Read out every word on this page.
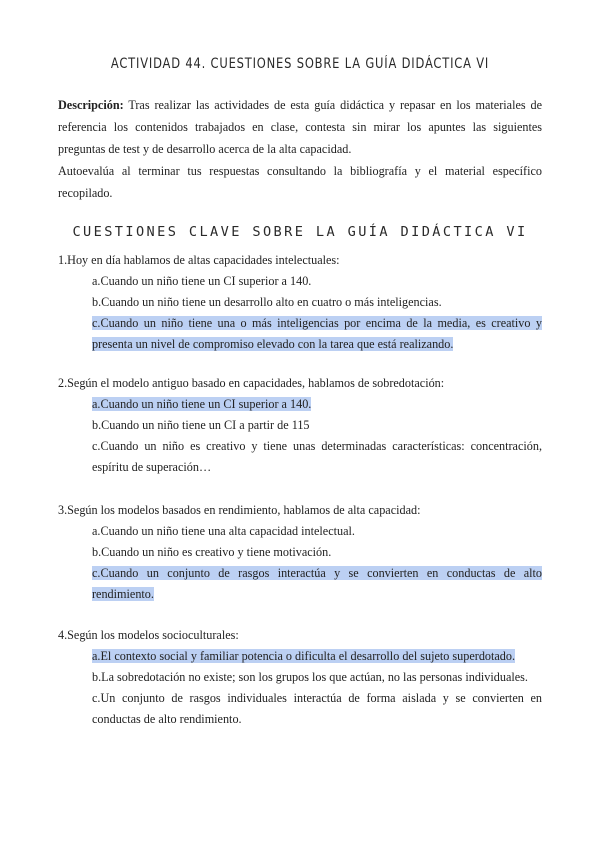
ACTIVIDAD 44. CUESTIONES SOBRE LA GUÍA DIDÁCTICA VI

Descripción: Tras realizar las actividades de esta guía didáctica y repasar en los materiales de referencia los contenidos trabajados en clase, contesta sin mirar los apuntes las siguientes preguntas de test y de desarrollo acerca de la alta capacidad.

Autoevalúa al terminar tus respuestas consultando la bibliografía y el material específico recopilado.

CUESTIONES CLAVE SOBRE LA GUÍA DIDÁCTICA VI

1.Hoy en día hablamos de altas capacidades intelectuales:

a.Cuando un niño tiene un CI superior a 140.

b.Cuando un niño tiene un desarrollo alto en cuatro o más inteligencias.

c.Cuando un niño tiene una o más inteligencias por encima de la media, es creativo y presenta un nivel de compromiso elevado con la tarea que está realizando.

2.Según el modelo antiguo basado en capacidades, hablamos de sobredotación:

a.Cuando un niño tiene un CI superior a 140.

b.Cuando un niño tiene un CI a partir de 115

c.Cuando un niño es creativo y tiene unas determinadas características: concentración, espíritu de superación…

3.Según los modelos basados en rendimiento, hablamos de alta capacidad:

a.Cuando un niño tiene una alta capacidad intelectual.

b.Cuando un niño es creativo y tiene motivación.

c.Cuando un conjunto de rasgos interactúa y se convierten en conductas de alto rendimiento.

4.Según los modelos socioculturales:

a.El contexto social y familiar potencia o dificulta el desarrollo del sujeto superdotado.

b.La sobredotación no existe; son los grupos los que actúan, no las personas individuales.

c.Un conjunto de rasgos individuales interactúa de forma aislada y se convierten en conductas de alto rendimiento.
